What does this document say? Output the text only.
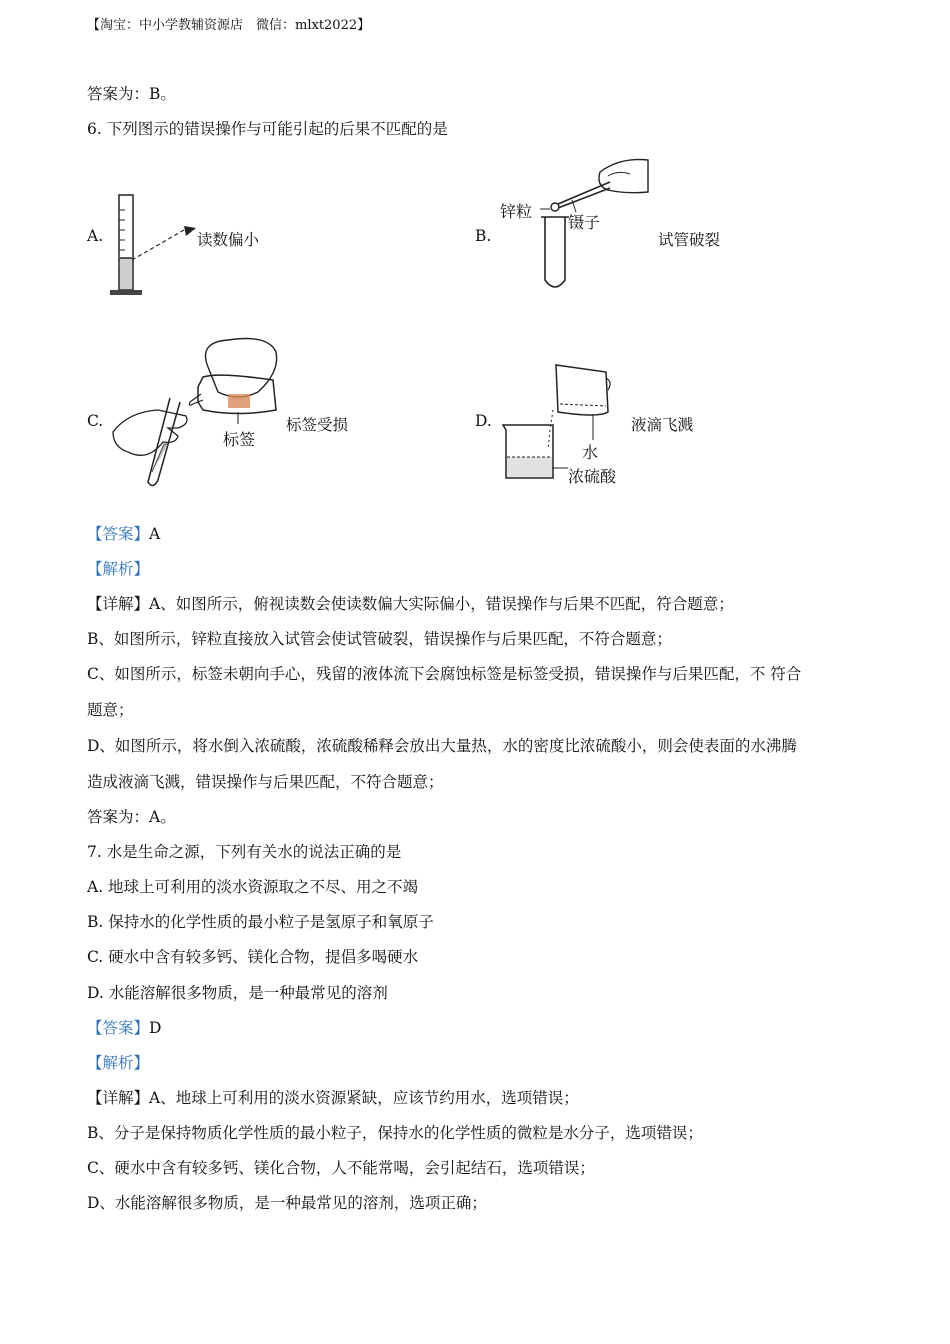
【淘宝：中小学教辅资源店　微信：mlxt2022】
答案为：B。
6. 下列图示的错误操作与可能引起的后果不匹配的是
A.	读数偏小	B.
锌粒
镊子
试管破裂
C.
标签
标签受损	D.
水
浓硫酸
液滴飞溅
【答案】A
【解析】
【详解】A、如图所示，俯视读数会使读数偏大实际偏小，错误操作与后果不匹配，符合题意；
B、如图所示，锌粒直接放入试管会使试管破裂，错误操作与后果匹配，不符合题意；
C、如图所示，标签未朝向手心，残留的液体流下会腐蚀标签是标签受损，错误操作与后果匹配，不 符合
题意；
D、如图所示，将水倒入浓硫酸，浓硫酸稀释会放出大量热，水的密度比浓硫酸小，则会使表面的水沸腾
造成液滴飞溅，错误操作与后果匹配，不符合题意；
答案为：A。
7. 水是生命之源，下列有关水的说法正确的是
A. 地球上可利用的淡水资源取之不尽、用之不竭
B. 保持水的化学性质的最小粒子是氢原子和氧原子
C. 硬水中含有较多钙、镁化合物，提倡多喝硬水
D. 水能溶解很多物质，是一种最常见的溶剂
【答案】D
【解析】
【详解】A、地球上可利用的淡水资源紧缺，应该节约用水，选项错误；
B、分子是保持物质化学性质的最小粒子，保持水的化学性质的微粒是水分子，选项错误；
C、硬水中含有较多钙、镁化合物，人不能常喝，会引起结石，选项错误；
D、水能溶解很多物质，是一种最常见的溶剂，选项正确；
